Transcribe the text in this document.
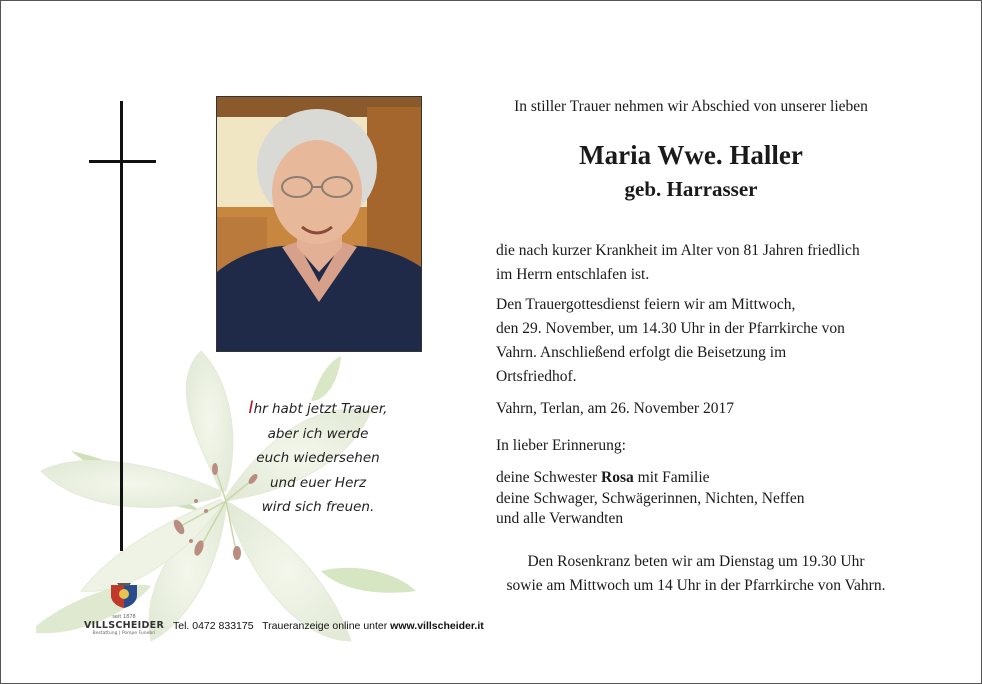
Ihr habt jetzt Trauer,
aber ich werde
euch wiedersehen
und euer Herz
wird sich freuen.
seit 1878
VILLSCHEIDER
Bestattung | Pompe Funebri
Tel. 0472 833175 Traueranzeige online unter www.villscheider.it
In stiller Trauer nehmen wir Abschied von unserer lieben
Maria Wwe. Haller
geb. Harrasser
die nach kurzer Krankheit im Alter von 81 Jahren friedlich
im Herrn entschlafen ist.
Den Trauergottesdienst feiern wir am Mittwoch,
den 29. November, um 14.30 Uhr in der Pfarrkirche von
Vahrn. Anschließend erfolgt die Beisetzung im
Ortsfriedhof.
Vahrn, Terlan, am 26. November 2017
In lieber Erinnerung:
deine Schwester Rosa mit Familie
deine Schwager, Schwägerinnen, Nichten, Neffen
und alle Verwandten
Den Rosenkranz beten wir am Dienstag um 19.30 Uhr
sowie am Mittwoch um 14 Uhr in der Pfarrkirche von Vahrn.
